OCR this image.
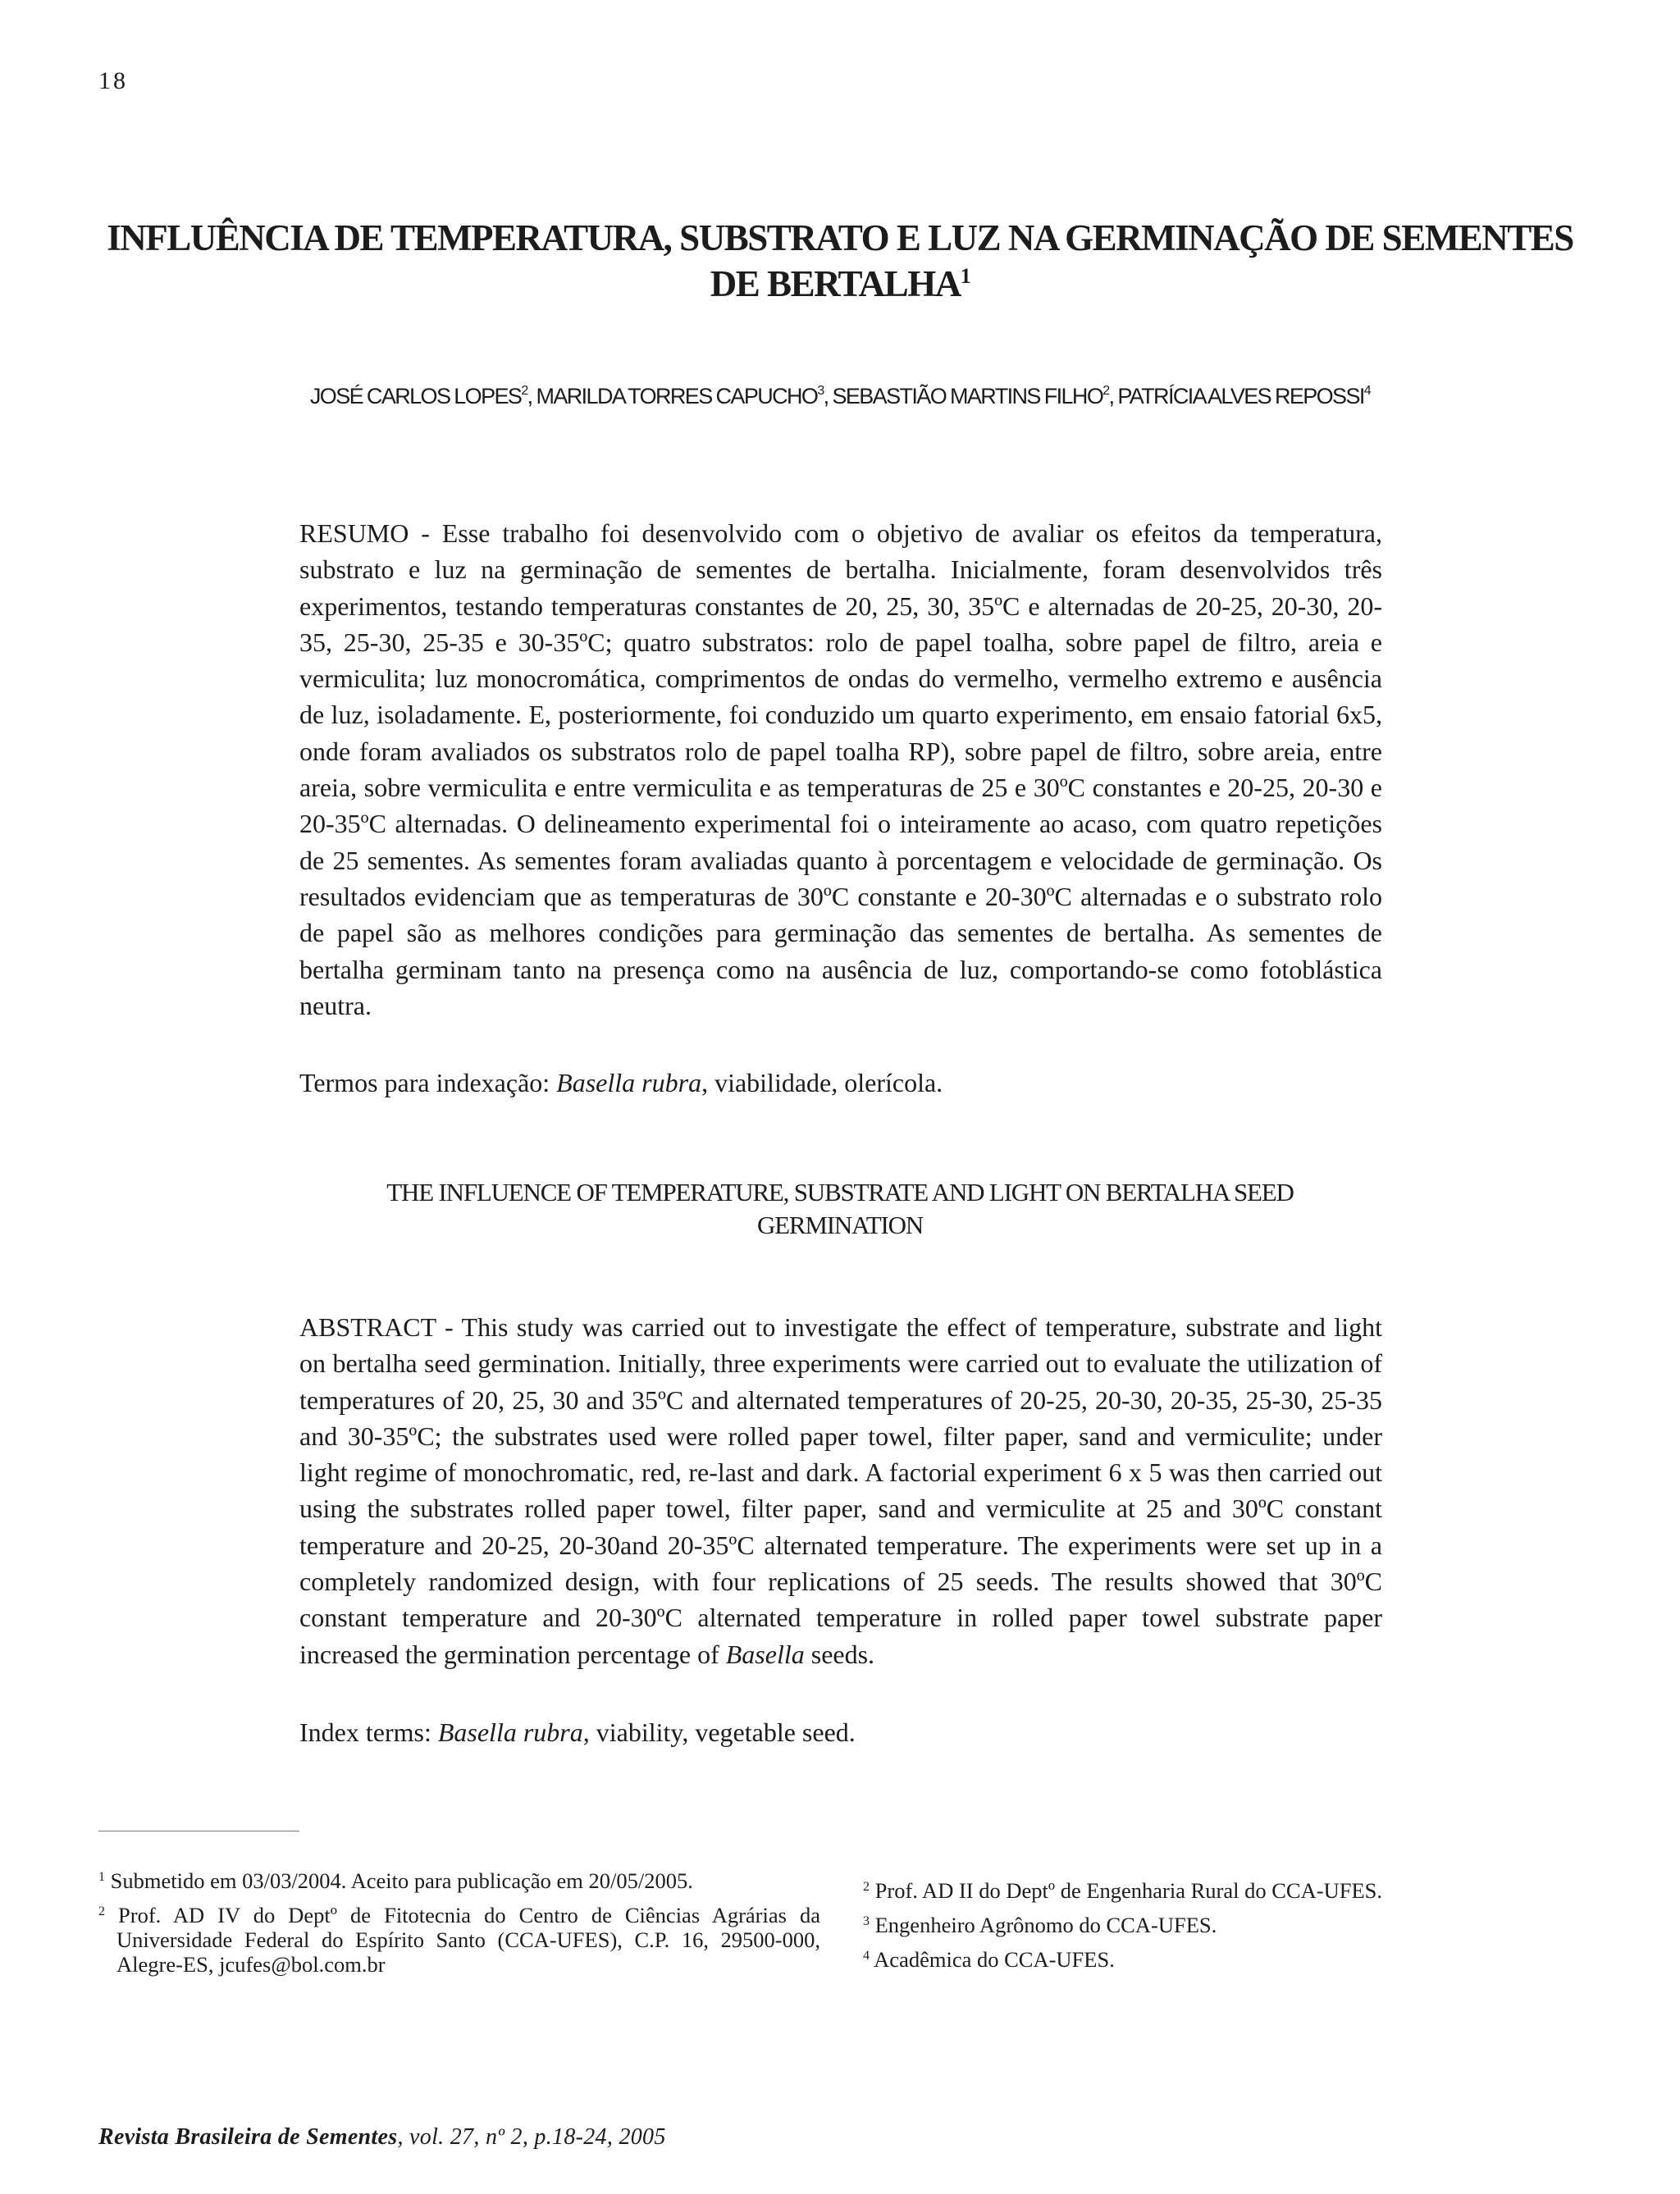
18
INFLUÊNCIA DE TEMPERATURA, SUBSTRATO E LUZ NA GERMINAÇÃO DE SEMENTES
DE BERTALHA$^1$
JOSÉ CARLOS LOPES$^2$, MARILDA TORRES CAPUCHO$^3$, SEBASTIÃO MARTINS FILHO$^2$, PATRÍCIA ALVES REPOSSI$^4$
RESUMO - Esse trabalho foi desenvolvido com o objetivo de avaliar os efeitos da temperatura, substrato e luz na germinação de sementes de bertalha. Inicialmente, foram desenvolvidos três experimentos, testando temperaturas constantes de 20, 25, 30, 35ºC e alternadas de 20-25, 20-30, 20-35, 25-30, 25-35 e 30-35ºC; quatro substratos: rolo de papel toalha, sobre papel de filtro, areia e vermiculita; luz monocromática, comprimentos de ondas do vermelho, vermelho extremo e ausência de luz, isoladamente. E, posteriormente, foi conduzido um quarto experimento, em ensaio fatorial 6x5, onde foram avaliados os substratos rolo de papel toalha RP), sobre papel de filtro, sobre areia, entre areia, sobre vermiculita e entre vermiculita e as temperaturas de 25 e 30ºC constantes e 20-25, 20-30 e 20-35ºC alternadas. O delineamento experimental foi o inteiramente ao acaso, com quatro repetições de 25 sementes. As sementes foram avaliadas quanto à porcentagem e velocidade de germinação. Os resultados evidenciam que as temperaturas de 30ºC constante e 20-30ºC alternadas e o substrato rolo de papel são as melhores condições para germinação das sementes de bertalha. As sementes de bertalha germinam tanto na presença como na ausência de luz, comportando-se como fotoblástica neutra.
Termos para indexação: Basella rubra, viabilidade, olerícola.
THE INFLUENCE OF TEMPERATURE, SUBSTRATE AND LIGHT ON BERTALHA SEED
GERMINATION
ABSTRACT - This study was carried out to investigate the effect of temperature, substrate and light on bertalha seed germination. Initially, three experiments were carried out to evaluate the utilization of temperatures of 20, 25, 30 and 35ºC and alternated temperatures of 20-25, 20-30, 20-35, 25-30, 25-35 and 30-35ºC; the substrates used were rolled paper towel, filter paper, sand and vermiculite; under light regime of monochromatic, red, re-last and dark. A factorial experiment 6 x 5 was then carried out using the substrates rolled paper towel, filter paper, sand and vermiculite at 25 and 30ºC constant temperature and 20-25, 20-30and 20-35ºC alternated temperature. The experiments were set up in a completely randomized design, with four replications of 25 seeds. The results showed that 30ºC constant temperature and 20-30ºC alternated temperature in rolled paper towel substrate paper increased the germination percentage of Basella seeds.
Index terms: Basella rubra, viability, vegetable seed.
$^1$ Submetido em 03/03/2004. Aceito para publicação em 20/05/2005.
$^2$ Prof. AD IV do Deptº de Fitotecnia do Centro de Ciências Agrárias da Universidade Federal do Espírito Santo (CCA-UFES), C.P. 16, 29500-000, Alegre-ES, jcufes@bol.com.br
$^2$ Prof. AD II do Deptº de Engenharia Rural do CCA-UFES.
$^3$ Engenheiro Agrônomo do CCA-UFES.
$^4$ Acadêmica do CCA-UFES.
Revista Brasileira de Sementes, vol. 27, nº 2, p.18-24, 2005
